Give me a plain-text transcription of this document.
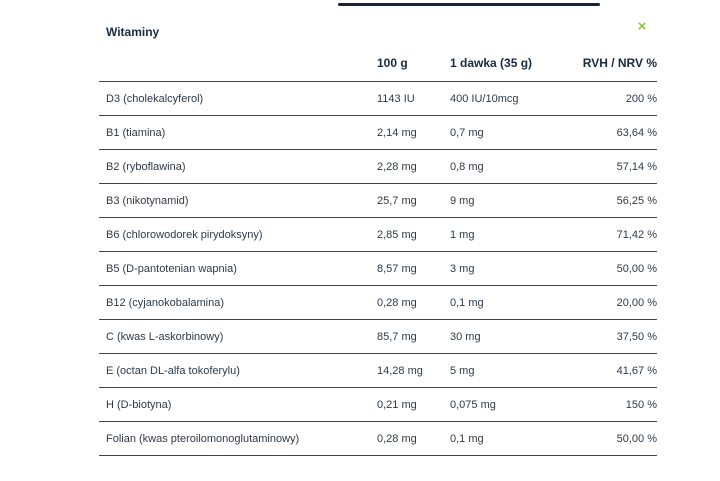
Witaminy	×
	100 g	1 dawka (35 g)	RVH / NRV %
D3 (cholekalcyferol)	1143 IU	400 IU/10mcg	200 %
B1 (tiamina)	2,14 mg	0,7 mg	63,64 %
B2 (ryboflawina)	2,28 mg	0,8 mg	57,14 %
B3 (nikotynamid)	25,7 mg	9 mg	56,25 %
B6 (chlorowodorek pirydoksyny)	2,85 mg	1 mg	71,42 %
B5 (D-pantotenian wapnia)	8,57 mg	3 mg	50,00 %
B12 (cyjanokobalamina)	0,28 mg	0,1 mg	20,00 %
C (kwas L-askorbinowy)	85,7 mg	30 mg	37,50 %
E (octan DL-alfa tokoferylu)	14,28 mg	5 mg	41,67 %
H (D-biotyna)	0,21 mg	0,075 mg	150 %
Folian (kwas pteroilomonoglutaminowy)	0,28 mg	0,1 mg	50,00 %
